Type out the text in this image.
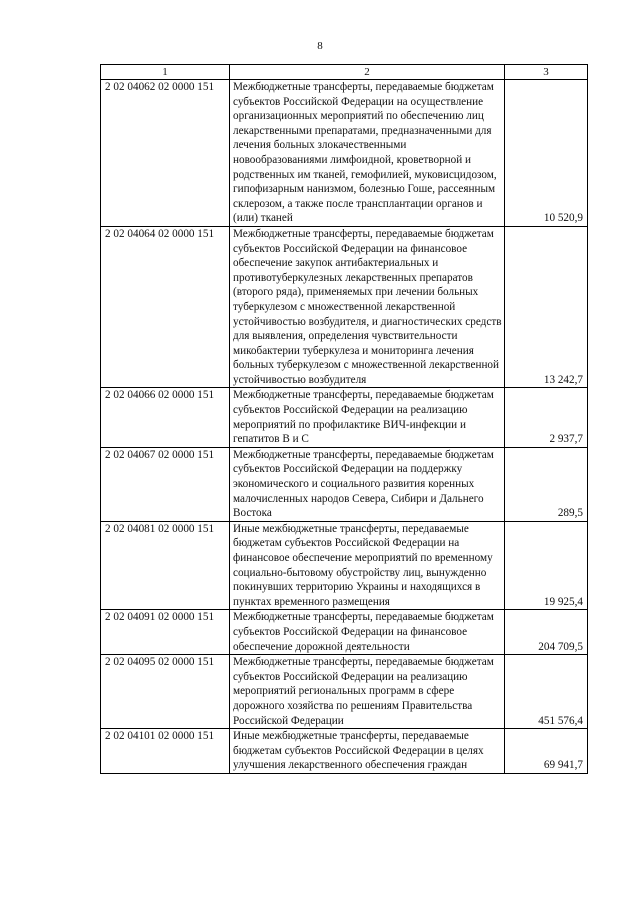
8
1	2	3
2 02 04062 02 0000 151	Межбюджетные трансферты, передаваемые бюджетам субъектов Российской Федерации на осуществление организационных мероприятий по обеспечению лиц лекарственными препаратами, предназначенными для лечения больных злокачественными новообразованиями лимфоидной, кроветворной и родственных им тканей, гемофилией, муковисцидозом, гипофизарным нанизмом, болезнью Гоше, рассеянным склерозом, а также после трансплантации органов и (или) тканей	10 520,9
2 02 04064 02 0000 151	Межбюджетные трансферты, передаваемые бюджетам субъектов Российской Федерации на финансовое обеспечение закупок антибактериальных и противотуберкулезных лекарственных препаратов (второго ряда), применяемых при лечении больных туберкулезом с множественной лекарственной устойчивостью возбудителя, и диагностических средств для выявления, определения чувствительности микобактерии туберкулеза и мониторинга лечения больных туберкулезом с множественной лекарственной устойчивостью возбудителя	13 242,7
2 02 04066 02 0000 151	Межбюджетные трансферты, передаваемые бюджетам субъектов Российской Федерации на реализацию мероприятий по профилактике ВИЧ-инфекции и гепатитов B и C	2 937,7
2 02 04067 02 0000 151	Межбюджетные трансферты, передаваемые бюджетам субъектов Российской Федерации на поддержку экономического и социального развития коренных малочисленных народов Севера, Сибири и Дальнего Востока	289,5
2 02 04081 02 0000 151	Иные межбюджетные трансферты, передаваемые бюджетам субъектов Российской Федерации на финансовое обеспечение мероприятий по временному социально-бытовому обустройству лиц, вынужденно покинувших территорию Украины и находящихся в пунктах временного размещения	19 925,4
2 02 04091 02 0000 151	Межбюджетные трансферты, передаваемые бюджетам субъектов Российской Федерации на финансовое обеспечение дорожной деятельности	204 709,5
2 02 04095 02 0000 151	Межбюджетные трансферты, передаваемые бюджетам субъектов Российской Федерации на реализацию мероприятий региональных программ в сфере дорожного хозяйства по решениям Правительства Российской Федерации	451 576,4
2 02 04101 02 0000 151	Иные межбюджетные трансферты, передаваемые бюджетам субъектов Российской Федерации в целях улучшения лекарственного обеспечения граждан	69 941,7
